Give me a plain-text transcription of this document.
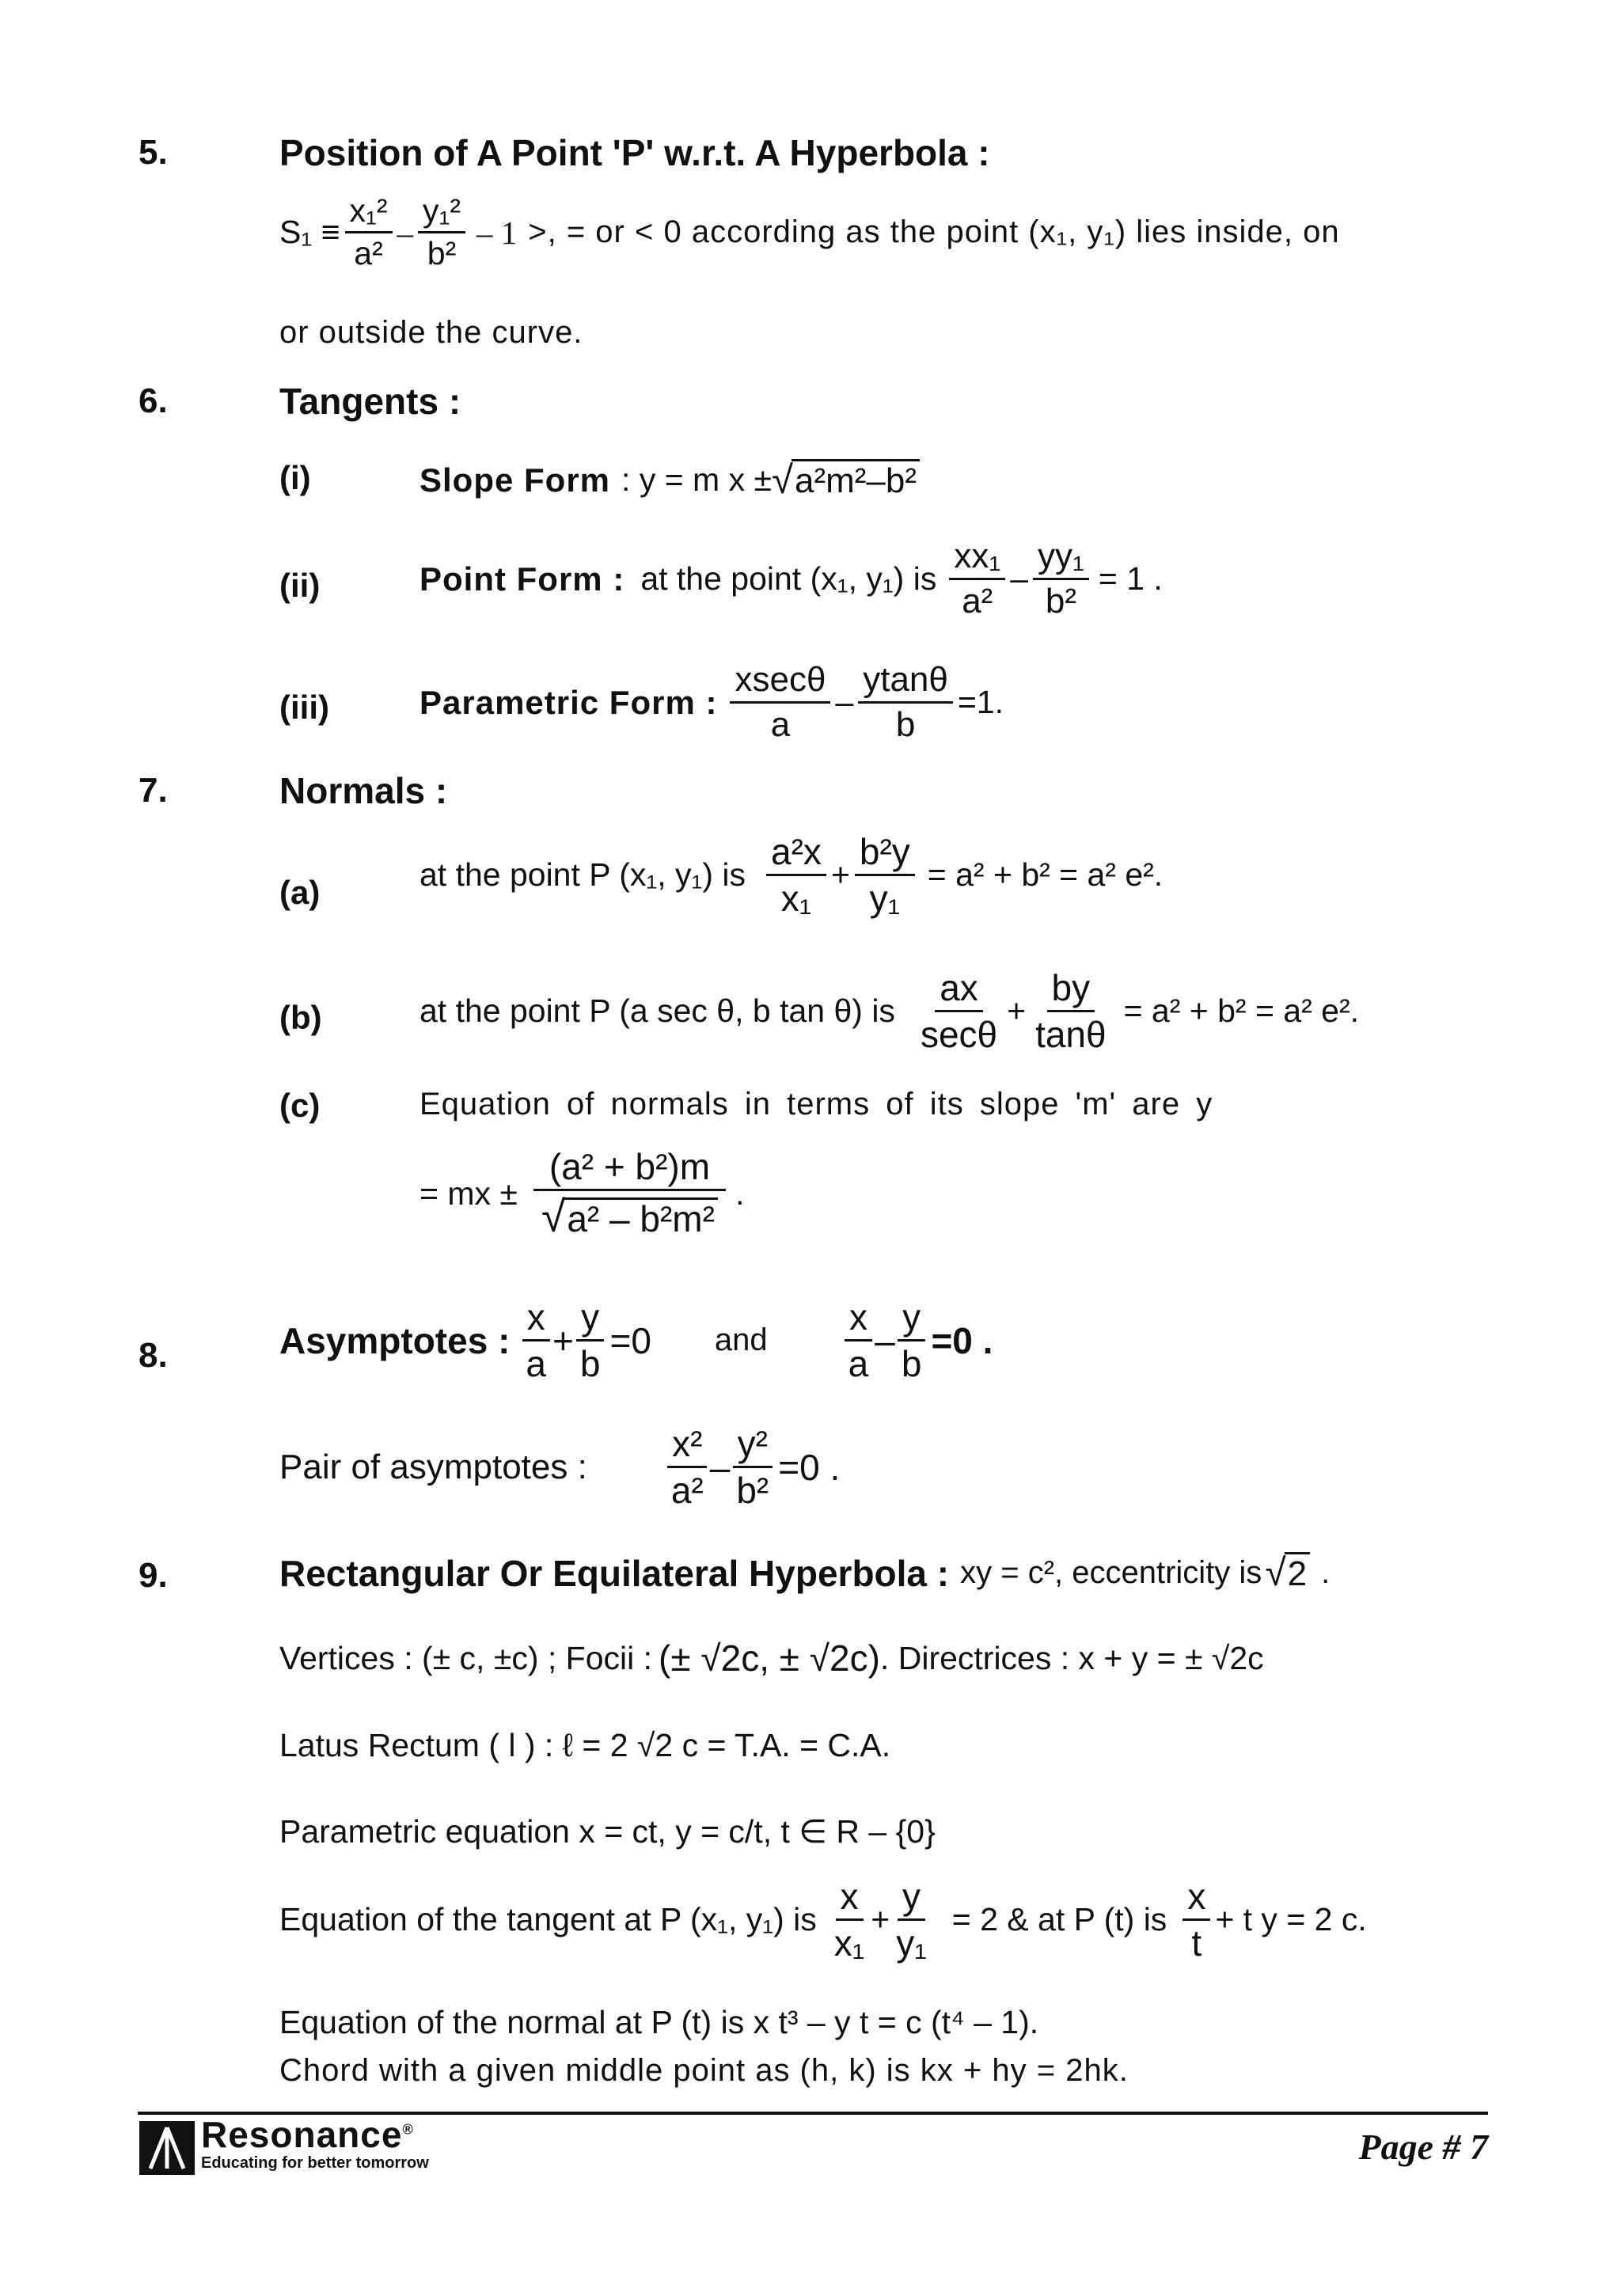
5.	Position of A Point 'P' w.r.t. A Hyperbola :
$S_1 \equiv \frac{\text{x₁²}}{\text{a²}} - \frac{\text{y₁²}}{\text{b²}} - 1$ >, = or < 0 according as the point (x₁, y₁) lies inside, on
or outside the curve.
6.	Tangents :
(i)	Slope Form : y = m x ± √ a²m²–b²
(ii)	Point Form : at the point (x₁, y₁) is $\frac{\text{xx₁}}{\text{a²}} - \frac{\text{yy₁}}{\text{b²}} = 1$ .
(iii)	Parametric Form : $\frac{xsec\theta}{a} - \frac{ytan\theta}{b} =1$.
7.	Normals :
(a)	at the point P (x₁, y₁) is $\frac{\text{a²x}}{\text{x₁}} + \frac{\text{b²y}}{\text{y₁}} = a^2 + b^2 = a^2$ e².
(b)	at the point P (a sec θ, b tan θ) is $\frac{ax}{\sec\theta} + \frac{by}{\tan\theta} = a^2 + b^2 = a^2$ e².
(c)	Equation of normals in terms of its slope 'm' are y
= mx ± $\frac{\text{(a² + b²)m}}{\text{√ a² – b²m²}}$ .
8.	Asymptotes : $\frac{x}{a} + \frac{y}{b} =0$ and $\frac{x}{a} - \frac{y}{b} =0$ .
Pair of asymptotes : $\frac{\text{x²}}{\text{a²}} - \frac{\text{y²}}{\text{b²}} =0$ .
9.	Rectangular Or Equilateral Hyperbola : xy = c², eccentricity is √ 2 .
Vertices : (± c, ±c) ; Focii : (± √2c, ± √2c) . Directrices : x + y = ± √2c
Latus Rectum ( l ) : ℓ = 2 √2 c = T.A. = C.A.
Parametric equation x = ct, y = c/t, t ∈ R – {0}
Equation of the tangent at P (x₁, y₁) is $\frac{x}{\text{x₁}} + \frac{y}{\text{y₁}} = 2$ & at P (t) is $\frac{x}{t} + t$ y = 2 c.
Equation of the normal at P (t) is x t³ – y t = c (t⁴ – 1).
Chord with a given middle point as (h, k) is kx + hy = 2hk.
Resonance®
Educating for better tomorrow	Page # 7
